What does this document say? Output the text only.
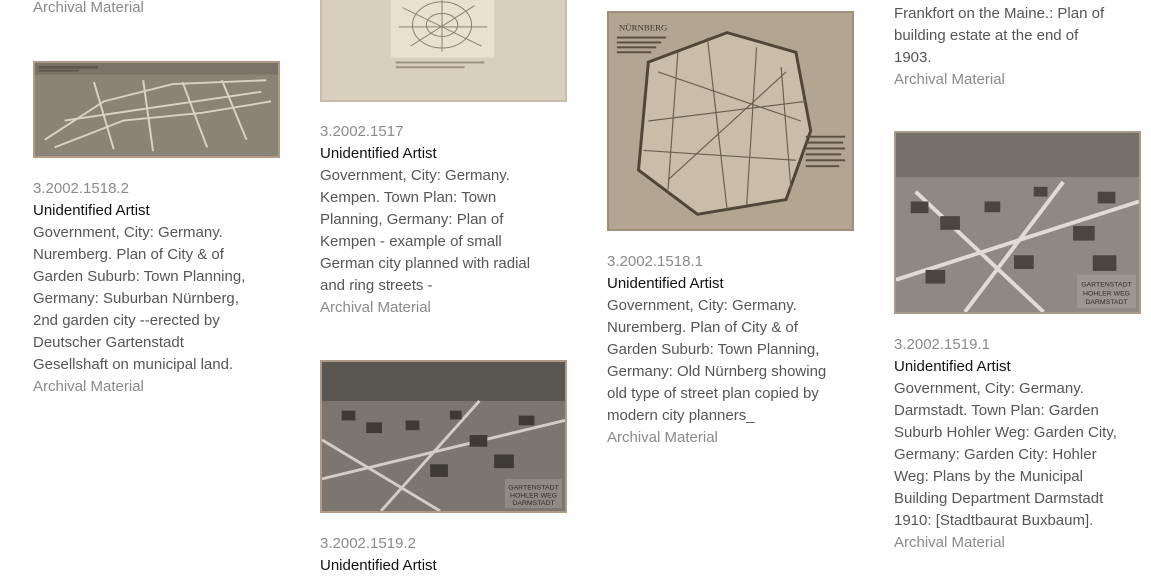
Archival Material
3.2002.1518.2
Unidentified Artist
Government, City: Germany.
Nuremberg. Plan of City & of
Garden Suburb: Town Planning,
Germany: Suburban Nürnberg,
2nd garden city --erected by
Deutscher Gartenstadt
Gesellshaft on municipal land.
Archival Material
3.2002.1517
Unidentified Artist
Government, City: Germany.
Kempen. Town Plan: Town
Planning, Germany: Plan of
Kempen - example of small
German city planned with radial
and ring streets -
Archival Material
GARTENSTADT
HOHLER WEG
DARMSTADT
3.2002.1519.2
Unidentified Artist
NÜRNBERG
3.2002.1518.1
Unidentified Artist
Government, City: Germany.
Nuremberg. Plan of City & of
Garden Suburb: Town Planning,
Germany: Old Nürnberg showing
old type of street plan copied by
modern city planners_
Archival Material
Frankfort on the Maine.: Plan of
building estate at the end of
1903.
Archival Material
GARTENSTADT
HOHLER WEG
DARMSTADT
3.2002.1519.1
Unidentified Artist
Government, City: Germany.
Darmstadt. Town Plan: Garden
Suburb Hohler Weg: Garden City,
Germany: Garden City: Hohler
Weg: Plans by the Municipal
Building Department Darmstadt
1910: [Stadtbaurat Buxbaum].
Archival Material
